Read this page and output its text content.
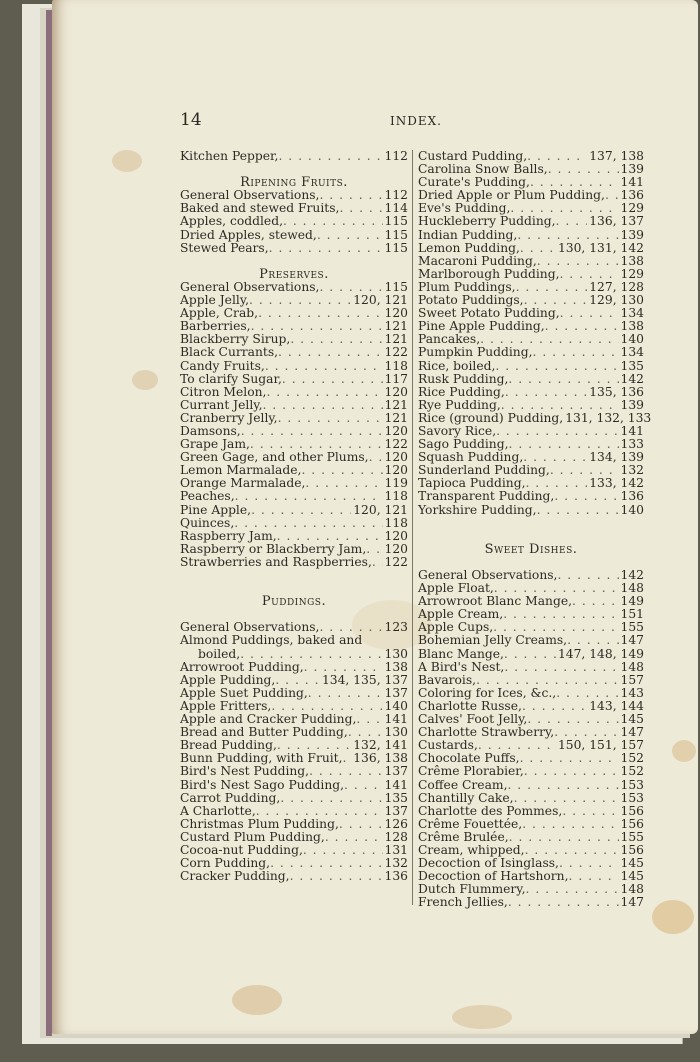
14	INDEX.
Kitchen Pepper, . . .	112
Ripening Fruits.
General Observations, . . .	112
Baked and stewed Fruits, . . .	114
Apples, coddled, . . .	115
Dried Apples, stewed, . . .	115
Stewed Pears, . . .	115
Preserves.
General Observations, . . .	115
Apple Jelly, . . .	120, 121
Apple, Crab, . . .	120
Barberries, . . .	121
Blackberry Sirup, . . .	121
Black Currants, . . .	122
Candy Fruits, . . .	118
To clarify Sugar, . . .	117
Citron Melon, . . .	120
Currant Jelly, . . .	121
Cranberry Jelly, . . .	121
Damsons, . . .	120
Grape Jam, . . .	122
Green Gage, and other Plums, . . . 120
Lemon Marmalade, . . .	120
Orange Marmalade, . . .	119
Peaches, . . .	118
Pine Apple, . . .	120, 121
Quinces, . . .	118
Raspberry Jam, . . .	120
Raspberry or Blackberry Jam, . . . 120
Strawberries and Raspberries, . . . 122
Puddings.
General Observations, . . .	123
Almond Puddings, baked and
boiled, . . .	130
Arrowroot Pudding, . . .	138
Apple Pudding, . . .	134, 135, 137
Apple Suet Pudding, . . .	137
Apple Fritters, . . .	140
Apple and Cracker Pudding, . . . 141
Bread and Butter Pudding, . . .	130
Bread Pudding, . . .	132, 141
Bunn Pudding, with Fruit, . . . 136, 138
Bird's Nest Pudding, . . .	137
Bird's Nest Sago Pudding, . . .	141
Carrot Pudding, . . .	135
A Charlotte, . . .	137
Christmas Plum Pudding, . . .	126
Custard Plum Pudding, . . .	128
Cocoa-nut Pudding, . . .	131
Corn Pudding, . . .	132
Cracker Pudding, . . .	136
Custard Pudding, . . .	137, 138
Carolina Snow Balls, . . .	139
Curate's Pudding, . . .	141
Dried Apple or Plum Pudding, . . . 136
Eve's Pudding, . . .	129
Huckleberry Pudding, . . .	136, 137
Indian Pudding, . . .	139
Lemon Pudding, . . .	130, 131, 142
Macaroni Pudding, . . .	138
Marlborough Pudding, . . .	129
Plum Puddings, . . .	127, 128
Potato Puddings, . . .	129, 130
Sweet Potato Pudding, . . .	134
Pine Apple Pudding, . . .	138
Pancakes, . . .	140
Pumpkin Pudding, . . .	134
Rice, boiled, . . .	135
Rusk Pudding, . . .	142
Rice Pudding, . . .	135, 136
Rye Pudding, . . .	139
Rice (ground) Pudding, 131, 132, 133
Savory Rice, . . .	141
Sago Pudding, . . .	133
Squash Pudding, . . .	134, 139
Sunderland Pudding, . . .	132
Tapioca Pudding, . . .	133, 142
Transparent Pudding, . . .	136
Yorkshire Pudding, . . .	140
Sweet Dishes.
General Observations, . . .	142
Apple Float, . . .	148
Arrowroot Blanc Mange, . . .	149
Apple Cream, . . .	151
Apple Cups, . . .	155
Bohemian Jelly Creams, . . .	147
Blanc Mange, . . .	147, 148, 149
A Bird's Nest, . . .	148
Bavarois, . . .	157
Coloring for Ices, &c., . . .	143
Charlotte Russe, . . .	143, 144
Calves' Foot Jelly, . . .	145
Charlotte Strawberry, . . .	147
Custards, . . .	150, 151, 157
Chocolate Puffs, . . .	152
Crême Plorabier, . . .	152
Coffee Cream, . . .	153
Chantilly Cake, . . .	153
Charlotte des Pommes, . . .	156
Crême Fouettée, . . .	156
Crême Brulée, . . .	155
Cream, whipped, . . .	156
Decoction of Isinglass, . . .	145
Decoction of Hartshorn, . . .	145
Dutch Flummery, . . .	148
French Jellies, . . .	147
